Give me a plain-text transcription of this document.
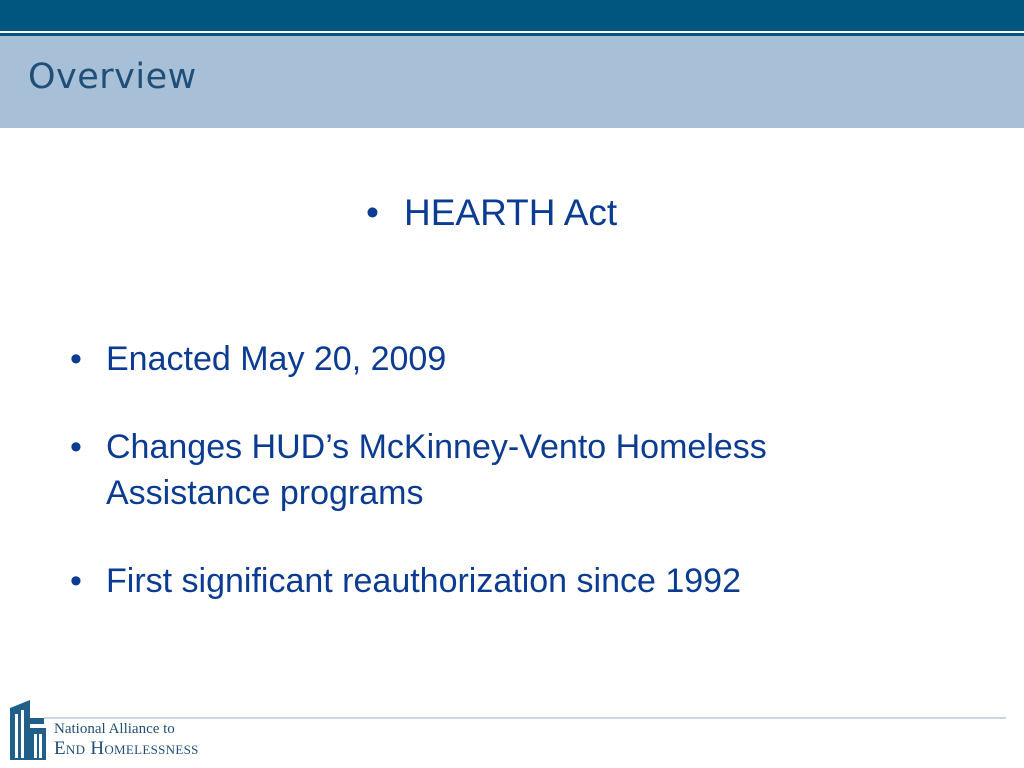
Overview
• HEARTH Act
• Enacted May 20, 2009
• Changes HUD’s McKinney-Vento Homeless
Assistance programs
• First significant reauthorization since 1992
National Alliance to
End Homelessness
